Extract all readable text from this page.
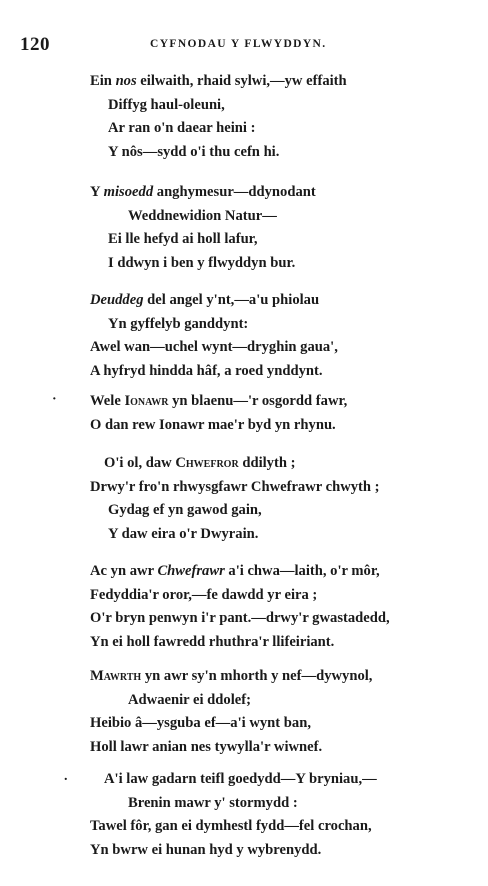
120	CYFNODAU Y FLWYDDYN.
Ein nos eilwaith, rhaid sylwi,—yw effaith
Diffyg haul-oleuni,
Ar ran o'n daear heini :
Y nôs—sydd o'i thu cefn hi.
Y misoedd anghymesur—ddynodant
Weddnewidion Natur—
Ei lle hefyd ai holl lafur,
I ddwyn i ben y flwyddyn bur.
Deuddeg del angel y'nt,—a'u phiolau
Yn gyffelyb ganddynt:
Awel wan—uchel wynt—dryghin gaua',
A hyfryd hindda hâf, a roed ynddynt.
Wele Ionawr yn blaenu—'r osgordd fawr,
O dan rew Ionawr mae'r byd yn rhynu.
O'i ol, daw Chwefror ddilyth ;
Drwy'r fro'n rhwysgfawr Chwefrawr chwyth ;
Gydag ef yn gawod gain,
Y daw eira o'r Dwyrain.
Ac yn awr Chwefrawr a'i chwa—laith, o'r môr,
Fedyddia'r oror,—fe dawdd yr eira ;
O'r bryn penwyn i'r pant.—drwy'r gwastadedd,
Yn ei holl fawredd rhuthra'r llifeiriant.
Mawrth yn awr sy'n mhorth y nef—dywynol,
Adwaenir ei ddolef;
Heibio â—ysguba ef—a'i wynt ban,
Holl lawr anian nes tywylla'r wiwnef.
A'i law gadarn teifl goedydd—Y bryniau,—
Brenin mawr y' stormydd :
Tawel fôr, gan ei dymhestl fydd—fel crochan,
Yn bwrw ei hunan hyd y wybrenydd.
·
.
